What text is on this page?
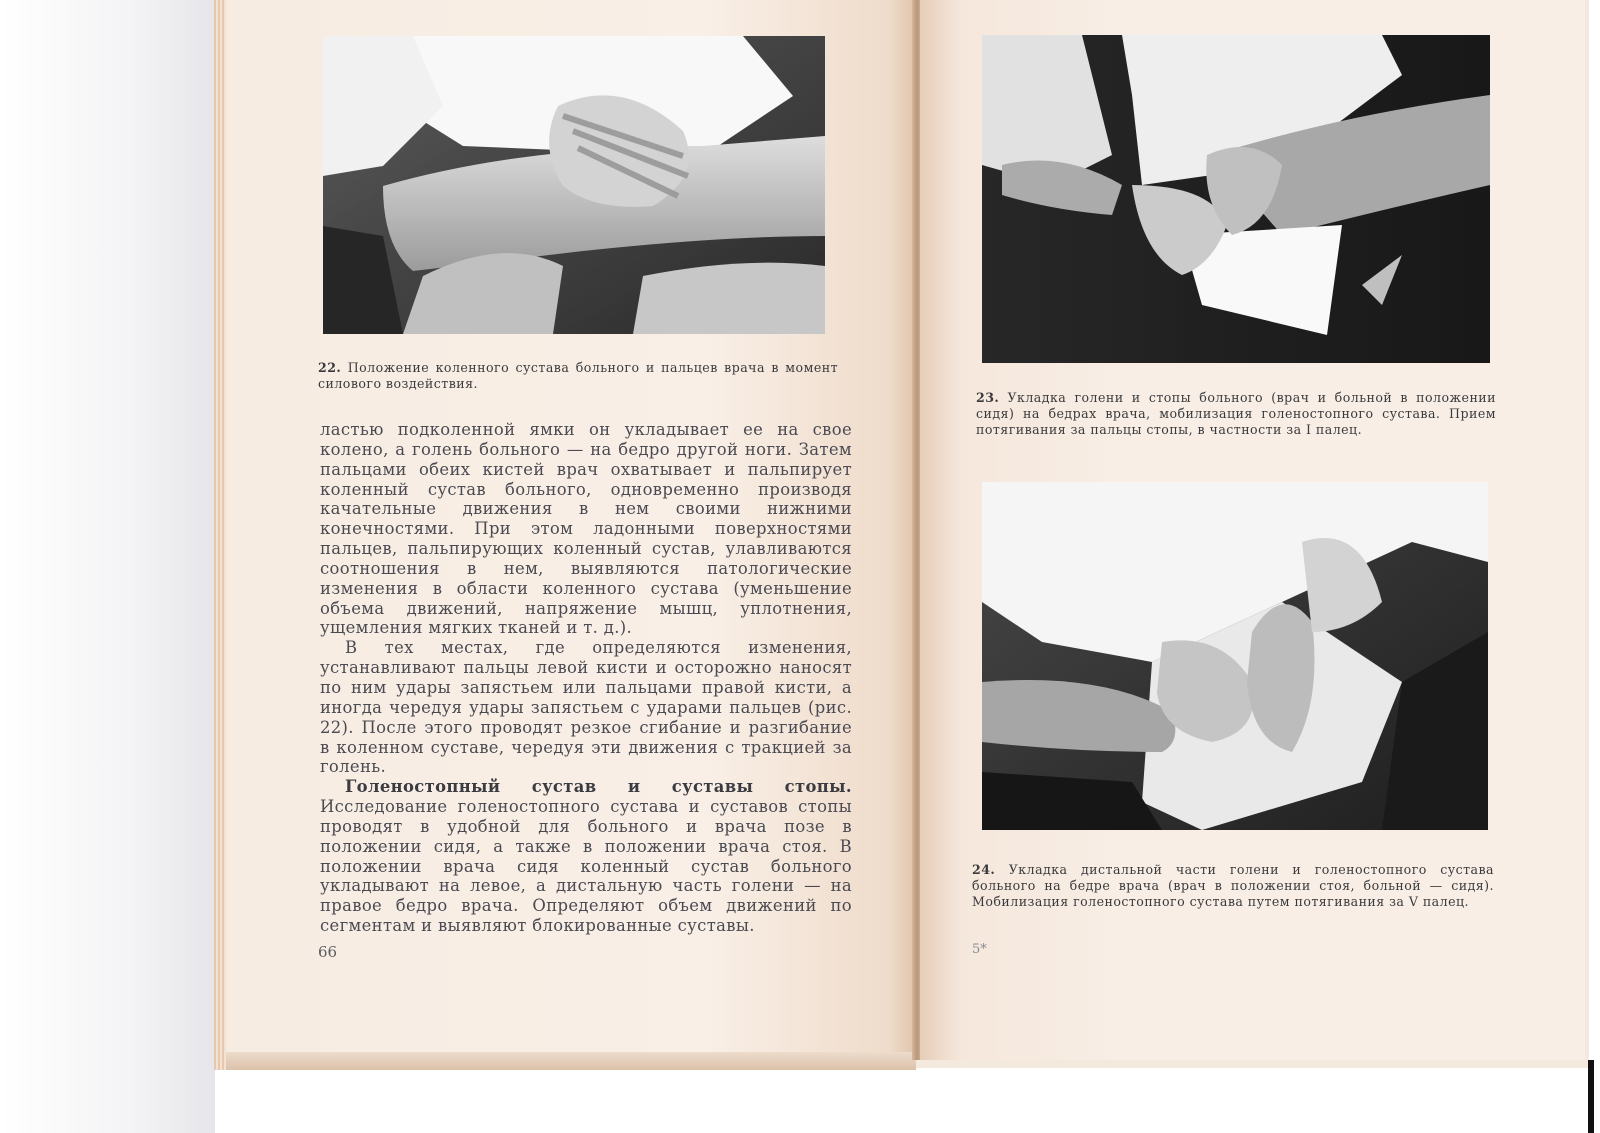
22. Положение коленного сустава больного и пальцев врача в момент силового воздействия.

ластью подколенной ямки он укладывает ее на свое колено, а голень больного — на бедро другой ноги. Затем пальцами обеих кистей врач охватывает и пальпирует коленный сустав больного, одновременно производя качательные движения в нем своими нижними конечностями. При этом ладонными поверхностями пальцев, пальпирующих коленный сустав, улавливаются соотношения в нем, выявляются патологические изменения в области коленного сустава (уменьшение объема движений, напряжение мышц, уплотнения, ущемления мягких тканей и т. д.).

В тех местах, где определяются изменения, устанавливают пальцы левой кисти и осторожно наносят по ним удары запястьем или пальцами правой кисти, а иногда чередуя удары запястьем с ударами пальцев (рис. 22). После этого проводят резкое сгибание и разгибание в коленном суставе, чередуя эти движения с тракцией за голень.

Голеностопный сустав и суставы стопы. Исследование голеностопного сустава и суставов стопы проводят в удобной для больного и врача позе в положении сидя, а также в положении врача стоя. В положении врача сидя коленный сустав больного укладывают на левое, а дистальную часть голени — на правое бедро врача. Определяют объем движений по сегментам и выявляют блокированные суставы.

66
23. Укладка голени и стопы больного (врач и больной в положении сидя) на бедрах врача, мобилизация голеностопного сустава. Прием потягивания за пальцы стопы, в частности за I палец.
24. Укладка дистальной части голени и голеностопного сустава больного на бедре врача (врач в положении стоя, больной — сидя). Мобилизация голеностопного сустава путем потягивания за V палец.
5*
